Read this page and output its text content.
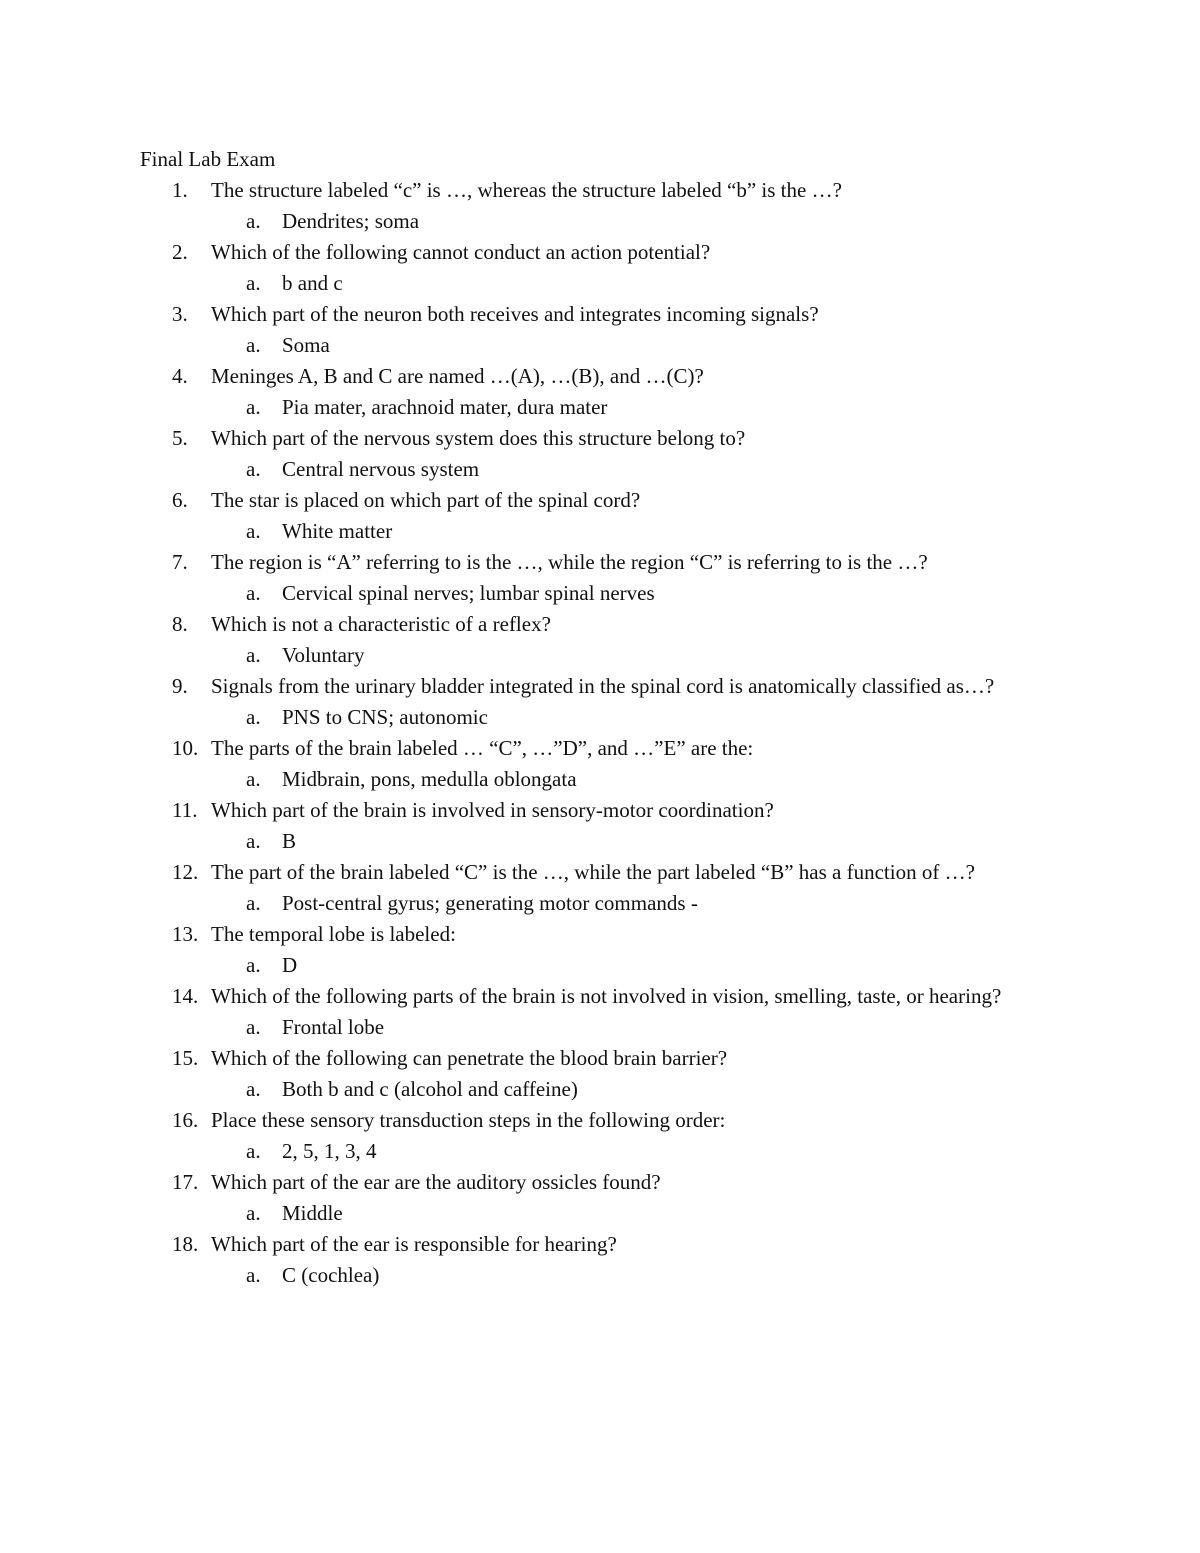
Final Lab Exam
1.	The structure labeled “c” is …, whereas the structure labeled “b” is the …?
a. Dendrites; soma
2.	Which of the following cannot conduct an action potential?
a. b and c
3.	Which part of the neuron both receives and integrates incoming signals?
a. Soma
4.	Meninges A, B and C are named …(A), …(B), and …(C)?
a. Pia mater, arachnoid mater, dura mater
5.	Which part of the nervous system does this structure belong to?
a. Central nervous system
6.	The star is placed on which part of the spinal cord?
a. White matter
7.	The region is “A” referring to is the …, while the region “C” is referring to is the …?
a. Cervical spinal nerves; lumbar spinal nerves
8.	Which is not a characteristic of a reflex?
a. Voluntary
9.	Signals from the urinary bladder integrated in the spinal cord is anatomically classified as…?
a. PNS to CNS; autonomic
10. The parts of the brain labeled … “C”, …”D”, and …”E” are the:
a. Midbrain, pons, medulla oblongata
11. Which part of the brain is involved in sensory-motor coordination?
a. B
12. The part of the brain labeled “C” is the …, while the part labeled “B” has a function of …?
a. Post-central gyrus; generating motor commands -
13. The temporal lobe is labeled:
a. D
14. Which of the following parts of the brain is not involved in vision, smelling, taste, or hearing?
a. Frontal lobe
15. Which of the following can penetrate the blood brain barrier?
a. Both b and c (alcohol and caffeine)
16. Place these sensory transduction steps in the following order:
a. 2, 5, 1, 3, 4
17. Which part of the ear are the auditory ossicles found?
a. Middle
18. Which part of the ear is responsible for hearing?
a. C (cochlea)
